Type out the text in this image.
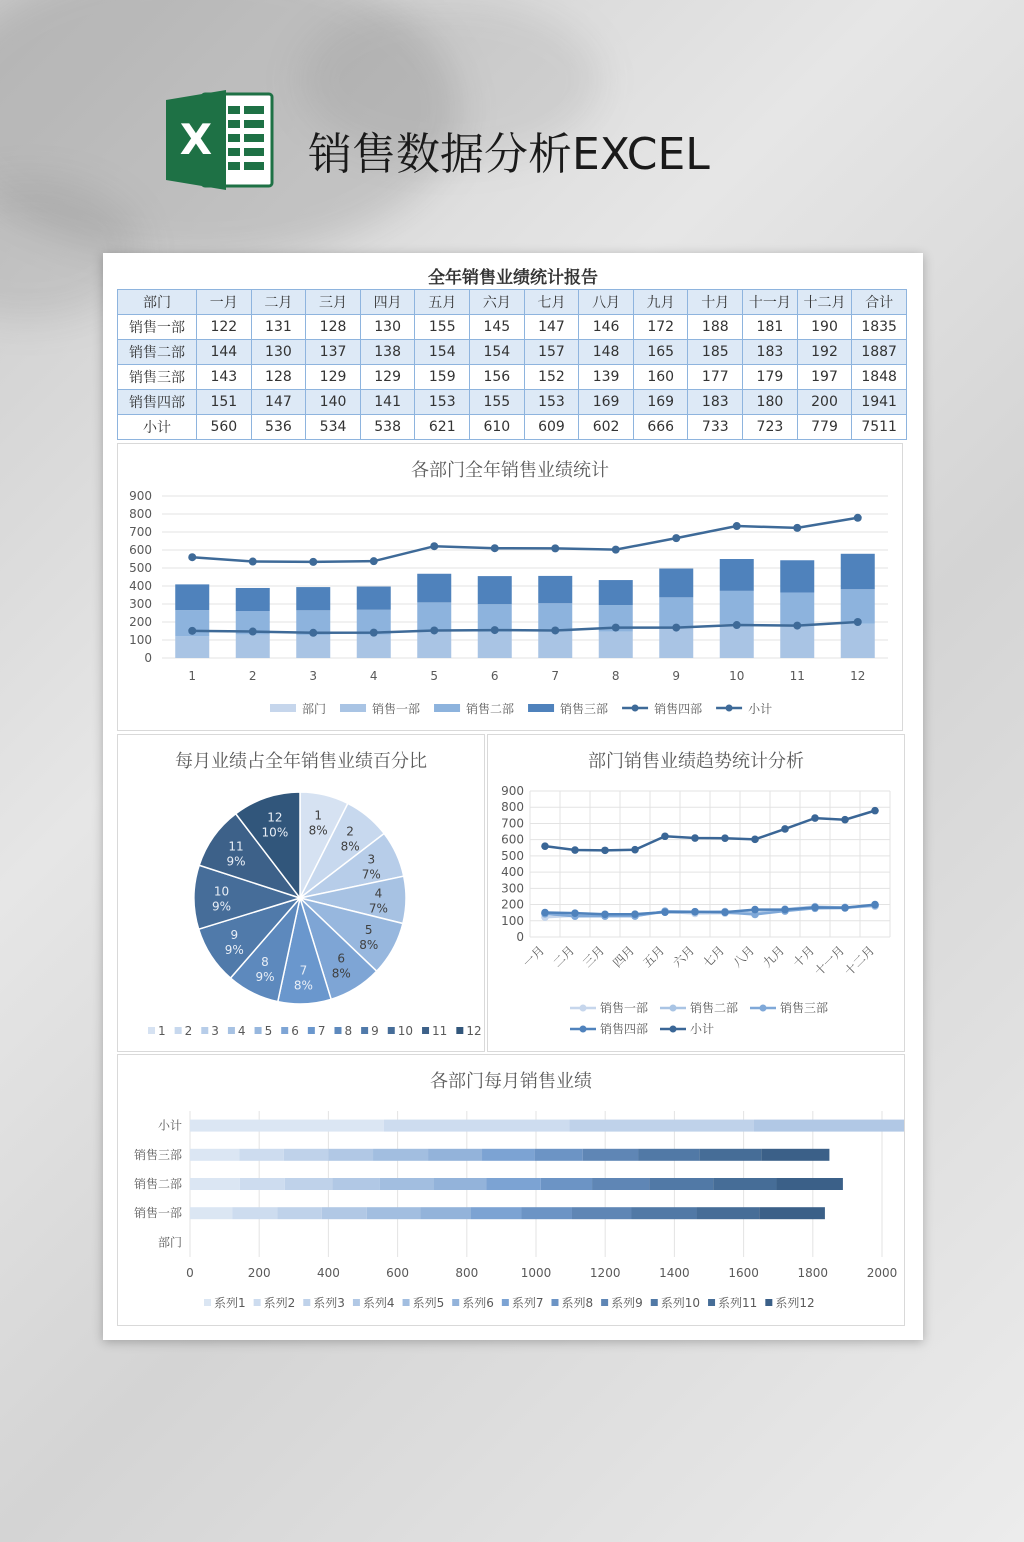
X 销售数据分析EXCEL
全年销售业绩统计报告
部门	一月	二月	三月	四月	五月	六月	七月	八月	九月	十月	十一月	十二月	合计
销售一部	122	131	128	130	155	145	147	146	172	188	181	190	1835
销售二部	144	130	137	138	154	154	157	148	165	185	183	192	1887
销售三部	143	128	129	129	159	156	152	139	160	177	179	197	1848
销售四部	151	147	140	141	153	155	153	169	169	183	180	200	1941
小计	560	536	534	538	621	610	609	602	666	733	723	779	7511
各部门全年销售业绩统计
0
100
200
300
400
500
600
700
800
900
1	2	3	4	5	6	7	8	9	10	11	12
部门	销售一部	销售二部	销售三部	销售四部	小计
每月业绩占全年销售业绩百分比
1
8% 2
8%
3
7%
4
7%
5
8%
6
8%
7
8%
8
9%
9
9%
10
9%
11
9%
12
10%
1 2 3 4 5 6 7 8 9 10 11 12
部门销售业绩趋势统计分析
0
100
200
300
400
500
600
700
800
900
一月 二月 三月 四月 五月 六月 七月 八月 九月 十月
十一月
十二月
销售一部	销售二部	销售三部
销售四部	小计
各部门每月销售业绩
0	200	400	600	800	1000	1200	1400	1600	1800	2000
部门
销售一部
销售二部
销售三部
小计
系列1 系列2 系列3 系列4 系列5 系列6 系列7 系列8 系列9 系列10 系列11 系列12
